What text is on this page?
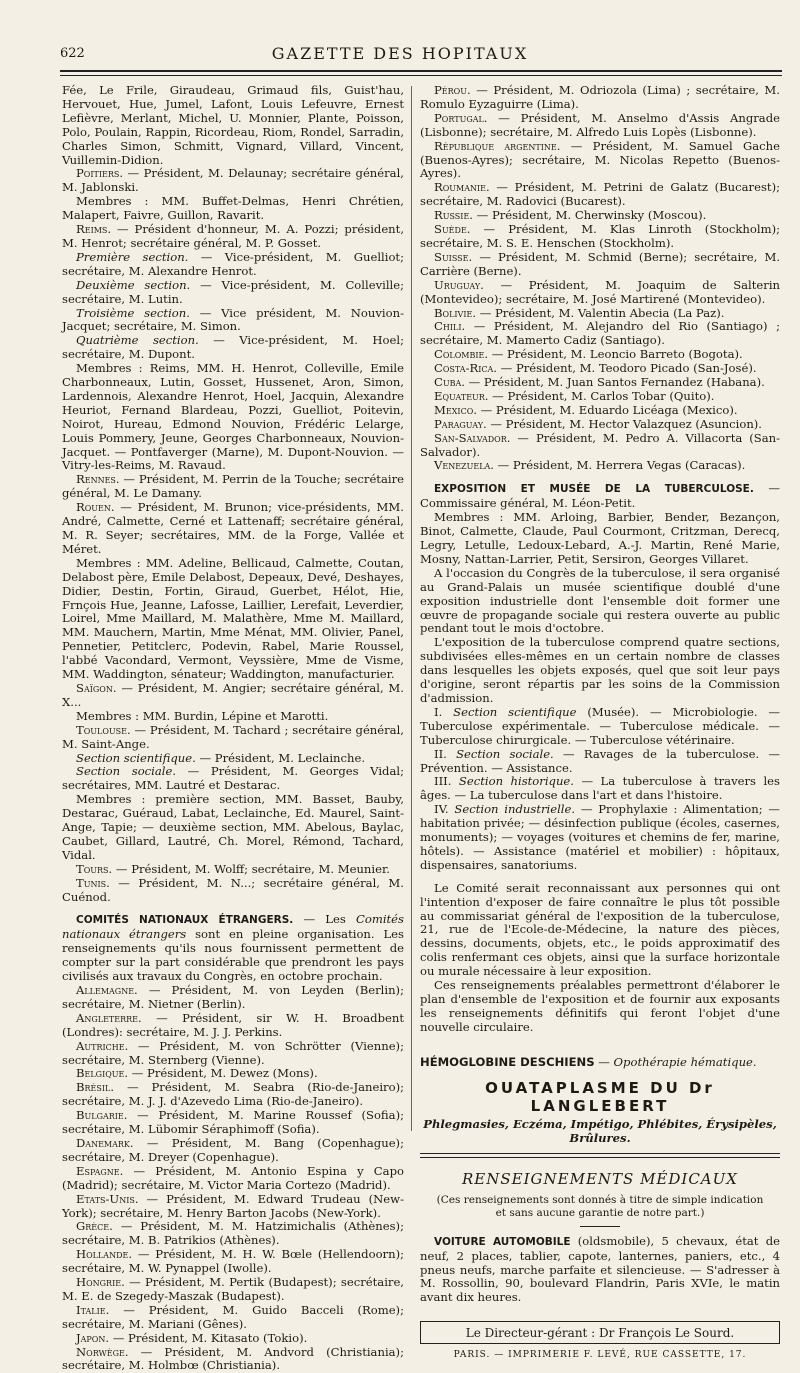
622	GAZETTE DES HOPITAUX

Fée, Le Frile, Giraudeau, Grimaud fils, Guist'hau, Hervouet, Hue, Jumel, Lafont, Louis Lefeuvre, Ernest Lefièvre, Merlant, Michel, U. Monnier, Plante, Poisson, Polo, Poulain, Rappin, Ricordeau, Riom, Rondel, Sarradin, Charles Simon, Schmitt, Vignard, Villard, Vincent, Vuillemin-Didion.

Poitiers. — Président, M. Delaunay; secrétaire général, M. Jablonski.

Membres : MM. Buffet-Delmas, Henri Chrétien, Malapert, Faivre, Guillon, Ravarit.

Reims. — Président d'honneur, M. A. Pozzi; président, M. Henrot; secrétaire général, M. P. Gosset.

Première section. — Vice-président, M. Guelliot; secrétaire, M. Alexandre Henrot.

Deuxième section. — Vice-président, M. Colleville; secrétaire, M. Lutin.

Troisième section. — Vice président, M. Nouvion-Jacquet; secrétaire, M. Simon.

Quatrième section. — Vice-président, M. Hoel; secrétaire, M. Dupont.

Membres : Reims, MM. H. Henrot, Colleville, Emile Charbonneaux, Lutin, Gosset, Hussenet, Aron, Simon, Lardennois, Alexandre Henrot, Hoel, Jacquin, Alexandre Heuriot, Fernand Blardeau, Pozzi, Guelliot, Poitevin, Noirot, Hureau, Edmond Nouvion, Frédéric Lelarge, Louis Pommery, Jeune, Georges Charbonneaux, Nouvion-Jacquet. — Pontfaverger (Marne), M. Dupont-Nouvion. — Vitry-les-Reims, M. Ravaud.

Rennes. — Président, M. Perrin de la Touche; secrétaire général, M. Le Damany.

Rouen. — Président, M. Brunon; vice-présidents, MM. André, Calmette, Cerné et Lattenaff; secrétaire général, M. R. Seyer; secrétaires, MM. de la Forge, Vallée et Méret.

Membres : MM. Adeline, Bellicaud, Calmette, Coutan, Delabost père, Emile Delabost, Depeaux, Devé, Deshayes, Didier, Destin, Fortin, Giraud, Guerbet, Hélot, Hie, Frnçois Hue, Jeanne, Lafosse, Laillier, Lerefait, Leverdier, Loirel, Mme Maillard, M. Malathère, Mme M. Maillard, MM. Mauchern, Martin, Mme Ménat, MM. Olivier, Panel, Pennetier, Petitclerc, Podevin, Rabel, Marie Roussel, l'abbé Vacondard, Vermont, Veyssière, Mme de Visme, MM. Waddington, sénateur; Waddington, manufacturier.

Saïgon. — Président, M. Angier; secrétaire général, M. X...

Membres : MM. Burdin, Lépine et Marotti.

Toulouse. — Président, M. Tachard ; secrétaire général, M. Saint-Ange.

Section scientifique. — Président, M. Leclainche.

Section sociale. — Président, M. Georges Vidal; secrétaires, MM. Lautré et Destarac.

Membres : première section, MM. Basset, Bauby, Destarac, Guéraud, Labat, Leclainche, Ed. Maurel, Saint-Ange, Tapie; — deuxième section, MM. Abelous, Baylac, Caubet, Gillard, Lautré, Ch. Morel, Rémond, Tachard, Vidal.

Tours. — Président, M. Wolff; secrétaire, M. Meunier.

Tunis. — Président, M. N...; secrétaire général, M. Cuénod.

COMITÉS NATIONAUX ÉTRANGERS. — Les Comités nationaux étrangers sont en pleine organisation. Les renseignements qu'ils nous fournissent permettent de compter sur la part considérable que prendront les pays civilisés aux travaux du Congrès, en octobre prochain.

Allemagne. — Président, M. von Leyden (Berlin); secrétaire, M. Nietner (Berlin).

Angleterre. — Président, sir W. H. Broadbent (Londres): secrétaire, M. J. J. Perkins.

Autriche. — Président, M. von Schrötter (Vienne); secrétaire, M. Sternberg (Vienne).

Belgique. — Président, M. Dewez (Mons).

Brésil. — Président, M. Seabra (Rio-de-Janeiro); secrétaire, M. J. J. d'Azevedo Lima (Rio-de-Janeiro).

Bulgarie. — Président, M. Marine Roussef (Sofia); secrétaire, M. Lübomir Séraphimoff (Sofia).

Danemark. — Président, M. Bang (Copenhague); secrétaire, M. Dreyer (Copenhague).

Espagne. — Président, M. Antonio Espina y Capo (Madrid); secrétaire, M. Victor Maria Cortezo (Madrid).

Etats-Unis. — Président, M. Edward Trudeau (New-York); secrétaire, M. Henry Barton Jacobs (New-York).

Grèce. — Président, M. M. Hatzimichalis (Athènes); secrétaire, M. B. Patrikios (Athènes).

Hollande. — Président, M. H. W. Bœle (Hellendoorn); secrétaire, M. W. Pynappel (Iwolle).

Hongrie. — Président, M. Pertik (Budapest); secrétaire, M. E. de Szegedy-Maszak (Budapest).

Italie. — Président, M. Guido Bacceli (Rome); secrétaire, M. Mariani (Gênes).

Japon. — Président, M. Kitasato (Tokio).

Norwège. — Président, M. Andvord (Christiania); secrétaire, M. Holmbœ (Christiania).

Pérou. — Président, M. Odriozola (Lima) ; secrétaire, M. Romulo Eyzaguirre (Lima).

Portugal. — Président, M. Anselmo d'Assis Angrade (Lisbonne); secrétaire, M. Alfredo Luis Lopès (Lisbonne).

République argentine. — Président, M. Samuel Gache (Buenos-Ayres); secrétaire, M. Nicolas Repetto (Buenos-Ayres).

Roumanie. — Président, M. Petrini de Galatz (Bucarest); secrétaire, M. Radovici (Bucarest).

Russie. — Président, M. Cherwinsky (Moscou).

Suède. — Président, M. Klas Linroth (Stockholm); secrétaire, M. S. E. Henschen (Stockholm).

Suisse. — Président, M. Schmid (Berne); secrétaire, M. Carrière (Berne).

Uruguay. — Président, M. Joaquim de Salterin (Montevideo); secrétaire, M. José Martirené (Montevideo).

Bolivie. — Président, M. Valentin Abecia (La Paz).

Chili. — Président, M. Alejandro del Rio (Santiago) ; secrétaire, M. Mamerto Cadiz (Santiago).

Colombie. — Président, M. Leoncio Barreto (Bogota).

Costa-Rica. — Président, M. Teodoro Picado (San-José).

Cuba. — Président, M. Juan Santos Fernandez (Habana).

Equateur. — Président, M. Carlos Tobar (Quito).

Mexico. — Président, M. Eduardo Licéaga (Mexico).

Paraguay. — Président, M. Hector Valazquez (Asuncion).

San-Salvador. — Président, M. Pedro A. Villacorta (San-Salvador).

Venezuela. — Président, M. Herrera Vegas (Caracas).

EXPOSITION ET MUSÉE DE LA TUBERCULOSE. — Commissaire général, M. Léon-Petit.

Membres : MM. Arloing, Barbier, Bender, Bezançon, Binot, Calmette, Claude, Paul Courmont, Critzman, Derecq, Legry, Letulle, Ledoux-Lebard, A.-J. Martin, René Marie, Mosny, Nattan-Larrier, Petit, Sersiron, Georges Villaret.

A l'occasion du Congrès de la tuberculose, il sera organisé au Grand-Palais un musée scientifique doublé d'une exposition industrielle dont l'ensemble doit former une œuvre de propagande sociale qui restera ouverte au public pendant tout le mois d'octobre.

L'exposition de la tuberculose comprend quatre sections, subdivisées elles-mêmes en un certain nombre de classes dans lesquelles les objets exposés, quel que soit leur pays d'origine, seront répartis par les soins de la Commission d'admission.

I. Section scientifique (Musée). — Microbiologie. — Tuberculose expérimentale. — Tuberculose médicale. — Tuberculose chirurgicale. — Tuberculose vétérinaire.

II. Section sociale. — Ravages de la tuberculose. — Prévention. — Assistance.

III. Section historique. — La tuberculose à travers les âges. — La tuberculose dans l'art et dans l'histoire.

IV. Section industrielle. — Prophylaxie : Alimentation; — habitation privée; — désinfection publique (écoles, casernes, monuments); — voyages (voitures et chemins de fer, marine, hôtels). — Assistance (matériel et mobilier) : hôpitaux, dispensaires, sanatoriums.

Le Comité serait reconnaissant aux personnes qui ont l'intention d'exposer de faire connaître le plus tôt possible au commissariat général de l'exposition de la tuberculose, 21, rue de l'Ecole-de-Médecine, la nature des pièces, dessins, documents, objets, etc., le poids approximatif des colis renfermant ces objets, ainsi que la surface horizontale ou murale nécessaire à leur exposition.

Ces renseignements préalables permettront d'élaborer le plan d'ensemble de l'exposition et de fournir aux exposants les renseignements définitifs qui feront l'objet d'une nouvelle circulaire.

HÉMOGLOBINE DESCHIENS — Opothérapie hématique.
OUATAPLASME DU Dr LANGLEBERT
Phlegmasies, Eczéma, Impétigo, Phlébites, Érysipèles, Brûlures.
RENSEIGNEMENTS MÉDICAUX
(Ces renseignements sont donnés à titre de simple indication
et sans aucune garantie de notre part.)

VOITURE AUTOMOBILE (oldsmobile), 5 chevaux, état de neuf, 2 places, tablier, capote, lanternes, paniers, etc., 4 pneus neufs, marche parfaite et silencieuse. — S'adresser à M. Rossollin, 90, boulevard Flandrin, Paris XVIe, le matin avant dix heures.

Le Directeur-gérant : Dr François Le Sourd.
PARIS. — IMPRIMERIE F. LEVÉ, RUE CASSETTE, 17.
